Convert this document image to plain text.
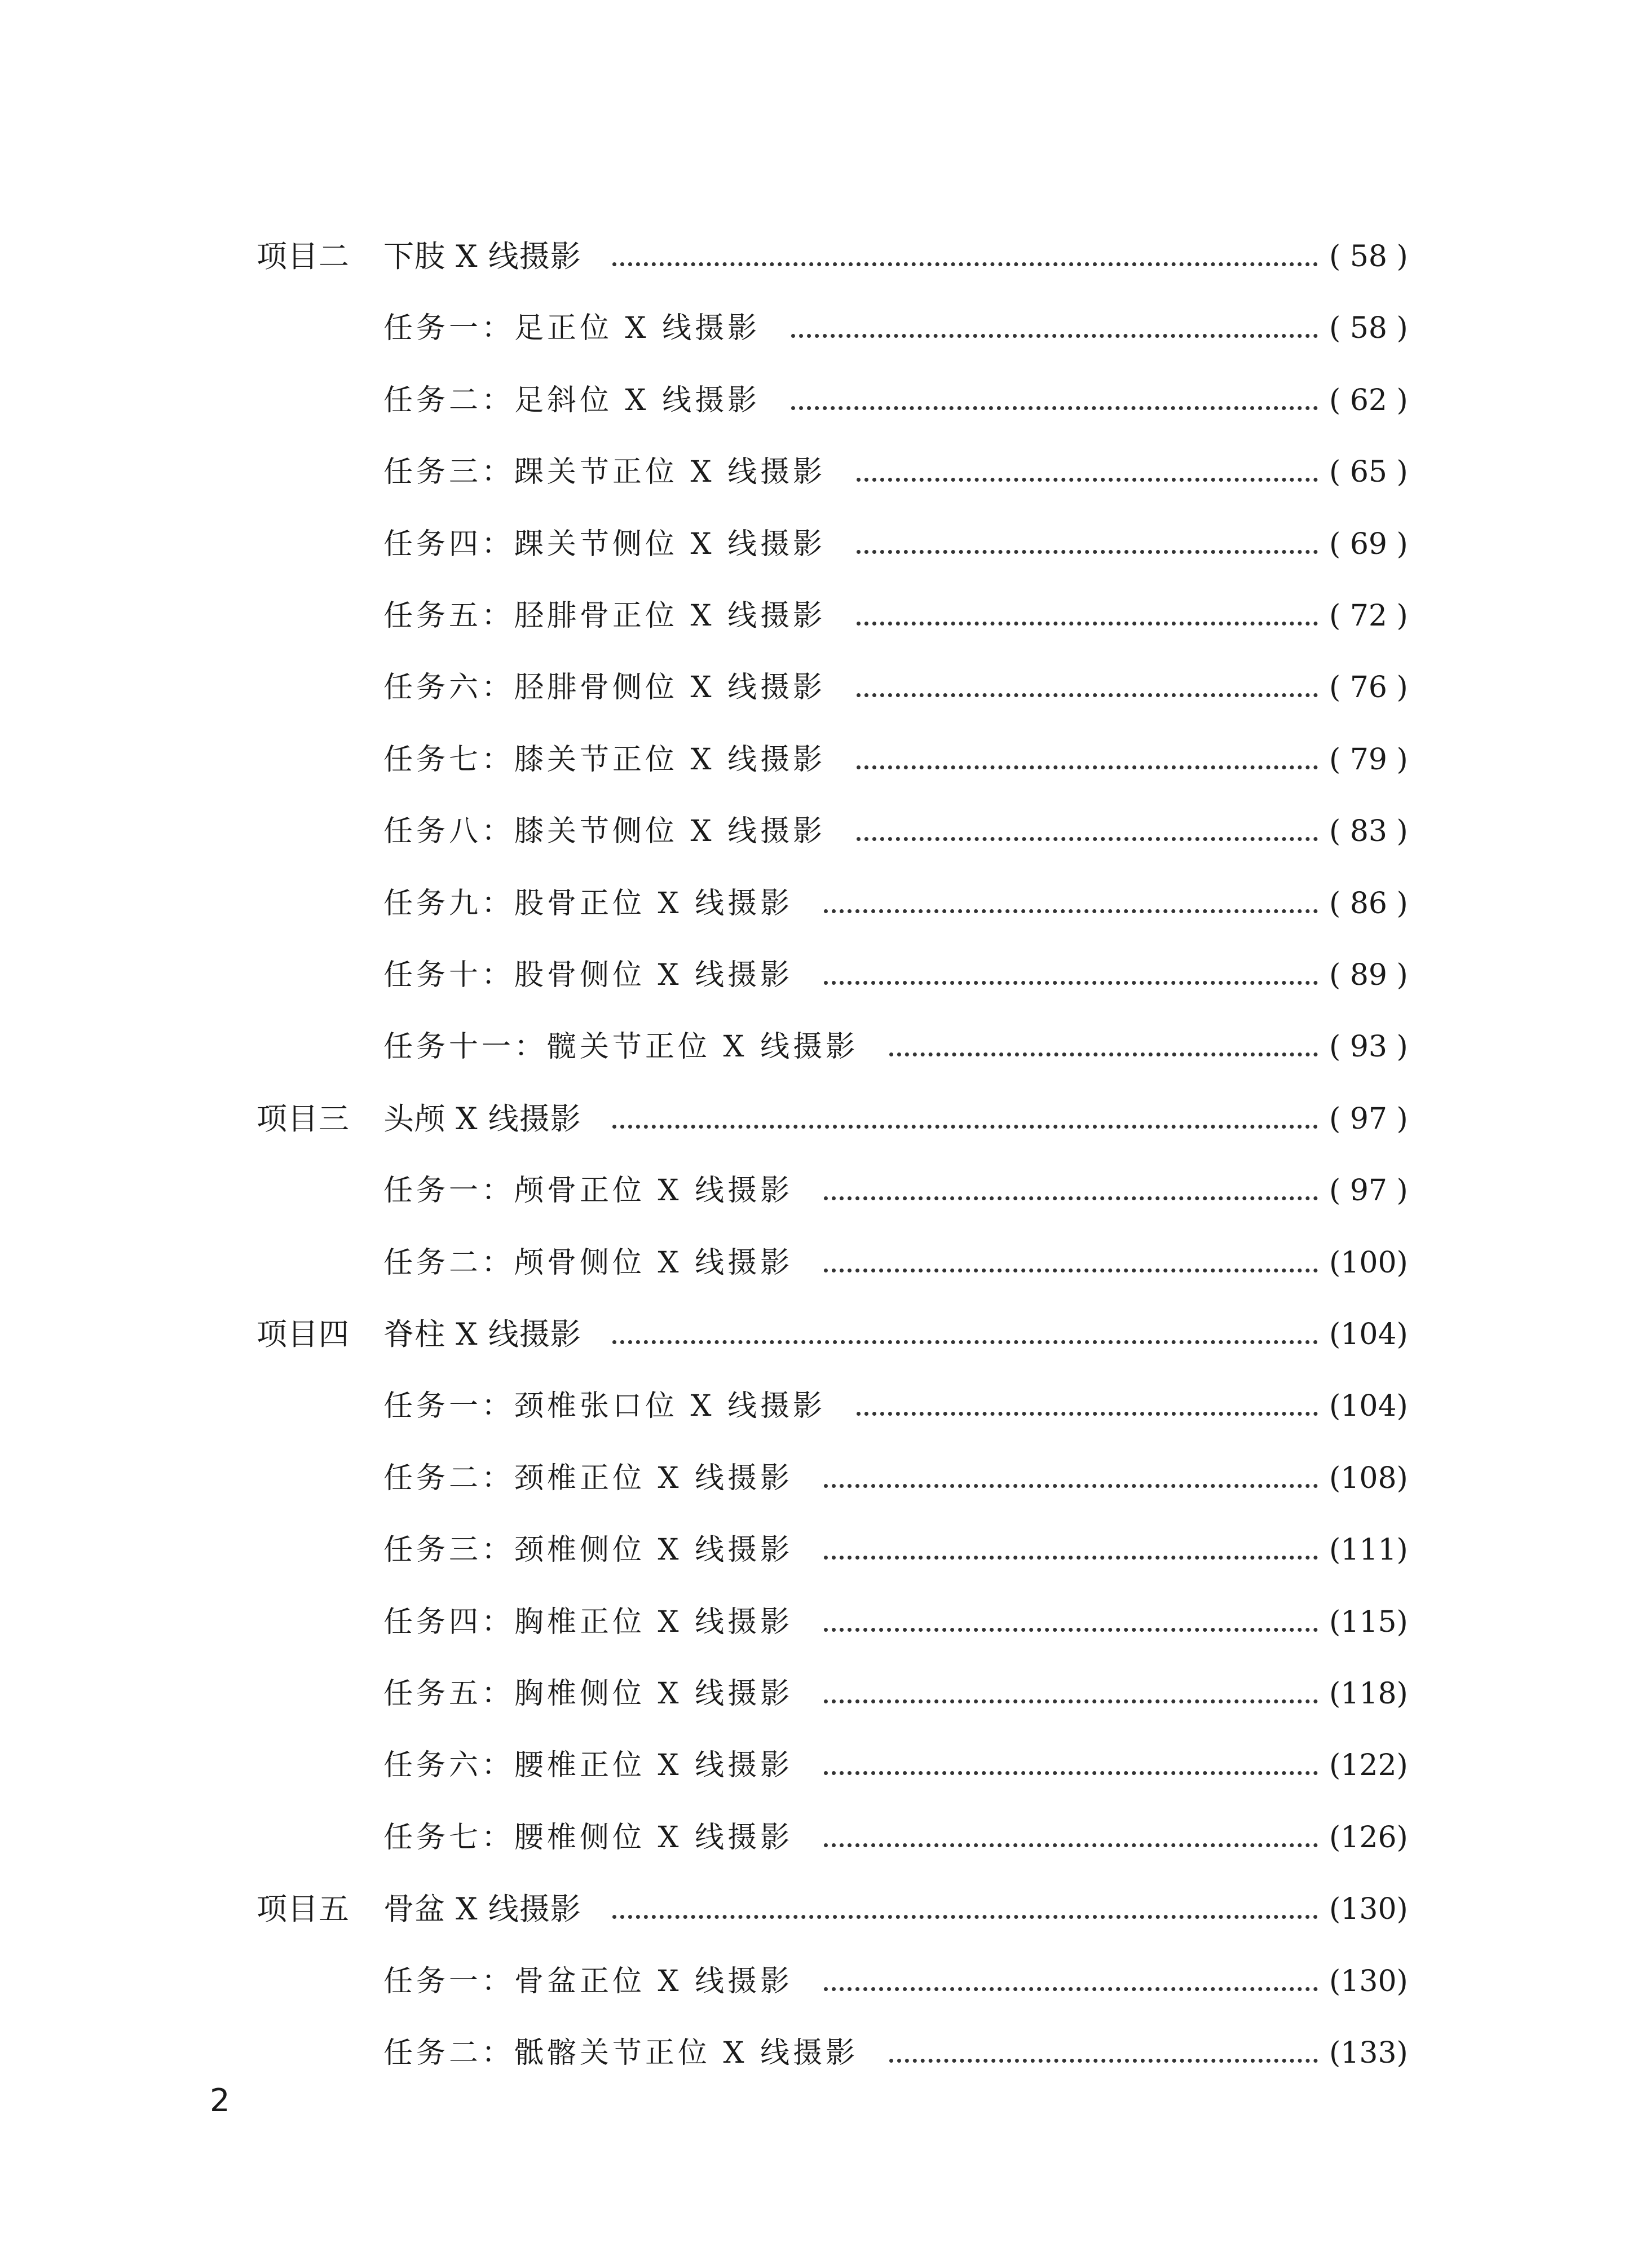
项目二 下肢 X 线摄影	( 58 )
任务一：足正位 X 线摄影	( 58 )
任务二：足斜位 X 线摄影	( 62 )
任务三：踝关节正位 X 线摄影	( 65 )
任务四：踝关节侧位 X 线摄影	( 69 )
任务五：胫腓骨正位 X 线摄影	( 72 )
任务六：胫腓骨侧位 X 线摄影	( 76 )
任务七：膝关节正位 X 线摄影	( 79 )
任务八：膝关节侧位 X 线摄影	( 83 )
任务九：股骨正位 X 线摄影	( 86 )
任务十：股骨侧位 X 线摄影	( 89 )
任务十一：髋关节正位 X 线摄影	( 93 )
项目三 头颅 X 线摄影	( 97 )
任务一：颅骨正位 X 线摄影	( 97 )
任务二：颅骨侧位 X 线摄影	(100)
项目四 脊柱 X 线摄影	(104)
任务一：颈椎张口位 X 线摄影	(104)
任务二：颈椎正位 X 线摄影	(108)
任务三：颈椎侧位 X 线摄影	(111)
任务四：胸椎正位 X 线摄影	(115)
任务五：胸椎侧位 X 线摄影	(118)
任务六：腰椎正位 X 线摄影	(122)
任务七：腰椎侧位 X 线摄影	(126)
项目五 骨盆 X 线摄影	(130)
任务一：骨盆正位 X 线摄影	(130)
任务二：骶髂关节正位 X 线摄影	(133)
2
